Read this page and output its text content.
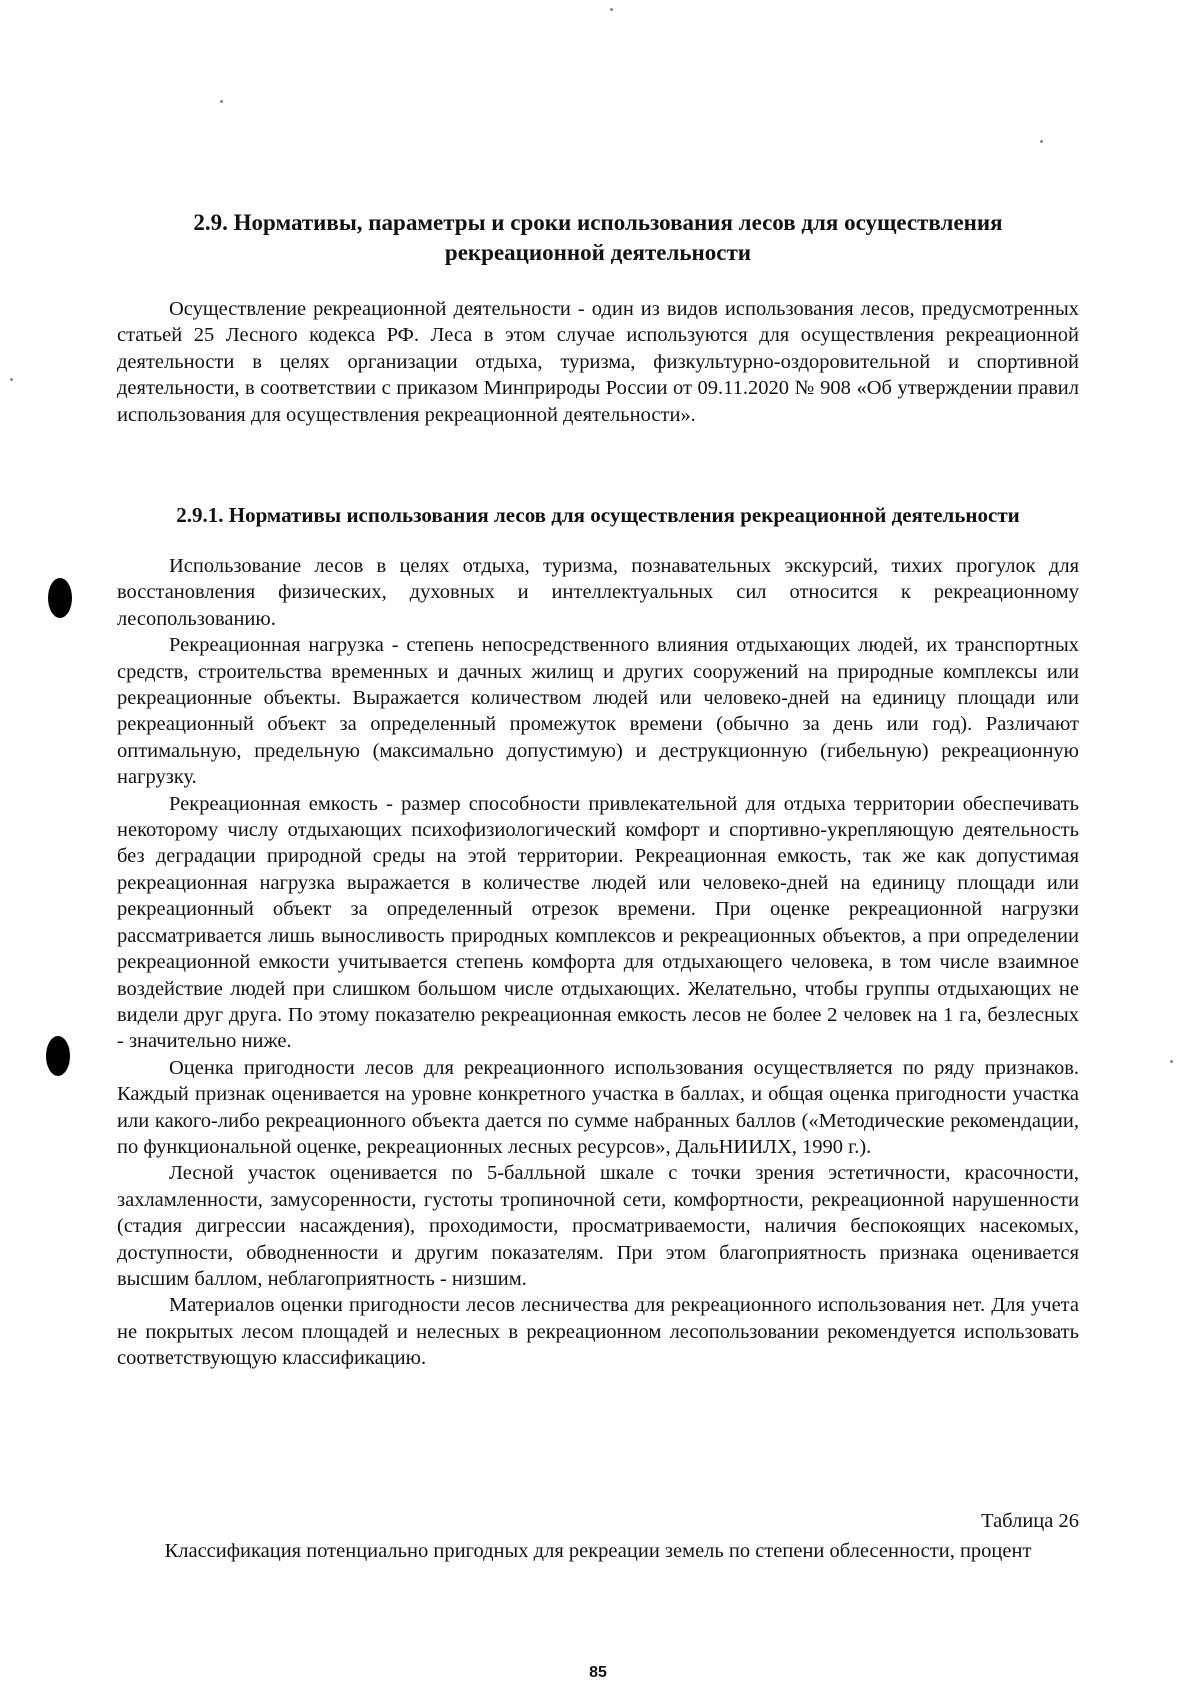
2.9. Нормативы, параметры и сроки использования лесов для осуществления
рекреационной деятельности

Осуществление рекреационной деятельности - один из видов использования лесов, предусмотренных статьей 25 Лесного кодекса РФ. Леса в этом случае используются для осуществления рекреационной деятельности в целях организации отдыха, туризма, физкультурно-оздоровительной и спортивной деятельности, в соответствии с приказом Минприроды России от 09.11.2020 № 908 «Об утверждении правил использования для осуществления рекреационной деятельности».

2.9.1. Нормативы использования лесов для осуществления рекреационной деятельности

Использование лесов в целях отдыха, туризма, познавательных экскурсий, тихих прогулок для восстановления физических, духовных и интеллектуальных сил относится к рекреационному лесопользованию.

Рекреационная нагрузка - степень непосредственного влияния отдыхающих людей, их транспортных средств, строительства временных и дачных жилищ и других сооружений на природные комплексы или рекреационные объекты. Выражается количеством людей или человеко-дней на единицу площади или рекреационный объект за определенный промежуток времени (обычно за день или год). Различают оптимальную, предельную (максимально допустимую) и деструкционную (гибельную) рекреационную нагрузку.

Рекреационная емкость - размер способности привлекательной для отдыха территории обеспечивать некоторому числу отдыхающих психофизиологический комфорт и спортивно-укрепляющую деятельность без деградации природной среды на этой территории. Рекреационная емкость, так же как допустимая рекреационная нагрузка выражается в количестве людей или человеко-дней на единицу площади или рекреационный объект за определенный отрезок времени. При оценке рекреационной нагрузки рассматривается лишь выносливость природных комплексов и рекреационных объектов, а при определении рекреационной емкости учитывается степень комфорта для отдыхающего человека, в том числе взаимное воздействие людей при слишком большом числе отдыхающих. Желательно, чтобы группы отдыхающих не видели друг друга. По этому показателю рекреационная емкость лесов не более 2 человек на 1 га, безлесных - значительно ниже.

Оценка пригодности лесов для рекреационного использования осуществляется по ряду признаков. Каждый признак оценивается на уровне конкретного участка в баллах, и общая оценка пригодности участка или какого-либо рекреационного объекта дается по сумме набранных баллов («Методические рекомендации, по функциональной оценке, рекреационных лесных ресурсов», ДальНИИЛХ, 1990 г.).

Лесной участок оценивается по 5-балльной шкале с точки зрения эстетичности, красочности, захламленности, замусоренности, густоты тропиночной сети, комфортности, рекреационной нарушенности (стадия дигрессии насаждения), проходимости, просматриваемости, наличия беспокоящих насекомых, доступности, обводненности и другим показателям. При этом благоприятность признака оценивается высшим баллом, неблагоприятность - низшим.

Материалов оценки пригодности лесов лесничества для рекреационного использования нет. Для учета не покрытых лесом площадей и нелесных в рекреационном лесопользовании рекомендуется использовать соответствующую классификацию.

Таблица 26
Классификация потенциально пригодных для рекреации земель по степени облесенности, процент
85
